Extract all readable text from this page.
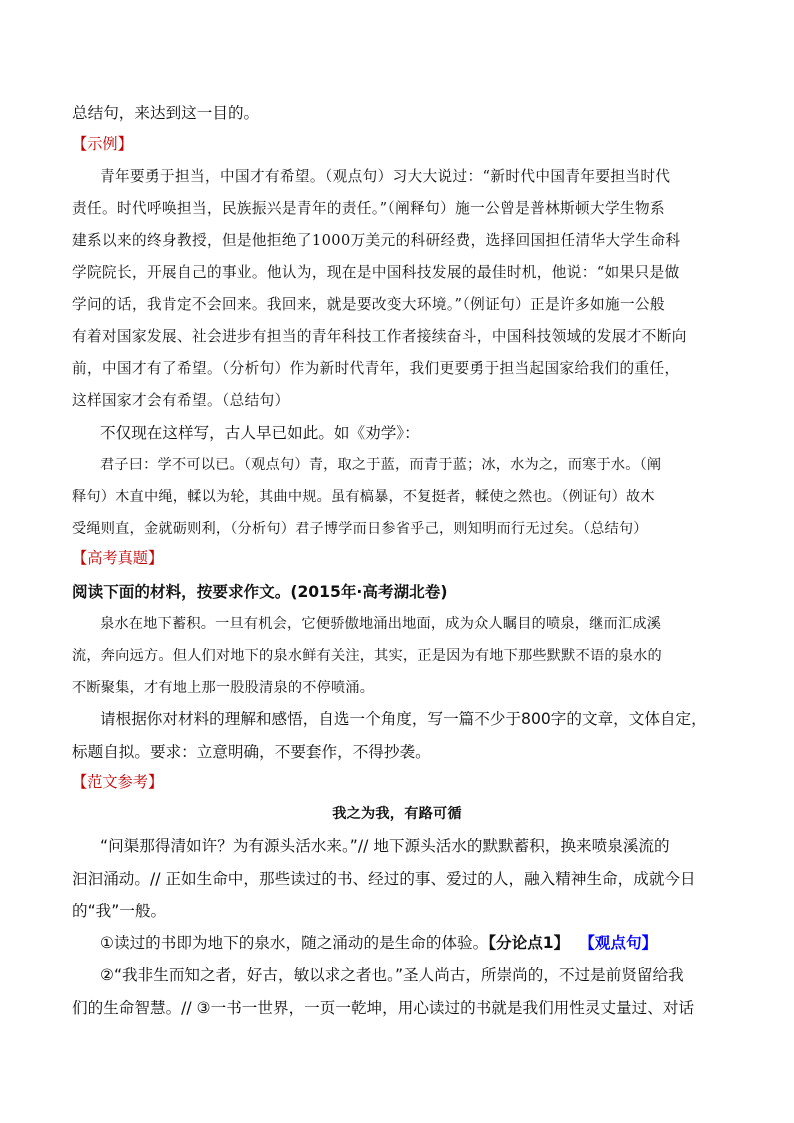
总结句，来达到这一目的。
【示例】
青年要勇于担当，中国才有希望。（观点句）习大大说过：“新时代中国青年要担当时代
责任。时代呼唤担当，民族振兴是青年的责任。”（阐释句）施一公曾是普林斯顿大学生物系
建系以来的终身教授，但是他拒绝了1000万美元的科研经费，选择回国担任清华大学生命科
学院院长，开展自己的事业。他认为，现在是中国科技发展的最佳时机，他说：“如果只是做
学问的话，我肯定不会回来。我回来，就是要改变大环境。”（例证句）正是许多如施一公般
有着对国家发展、社会进步有担当的青年科技工作者接续奋斗，中国科技领域的发展才不断向
前，中国才有了希望。（分析句）作为新时代青年，我们更要勇于担当起国家给我们的重任，
这样国家才会有希望。（总结句）
不仅现在这样写，古人早已如此。如《劝学》：
君子曰：学不可以已。（观点句）青，取之于蓝，而青于蓝；冰，水为之，而寒于水。（阐
释句）木直中绳，輮以为轮，其曲中规。虽有槁暴，不复挺者，輮使之然也。（例证句）故木
受绳则直，金就砺则利，（分析句）君子博学而日参省乎己，则知明而行无过矣。（总结句）
【高考真题】
阅读下面的材料，按要求作文。(2015年·高考湖北卷)
泉水在地下蓄积。一旦有机会，它便骄傲地涌出地面，成为众人瞩目的喷泉，继而汇成溪
流，奔向远方。但人们对地下的泉水鲜有关注，其实，正是因为有地下那些默默不语的泉水的
不断聚集，才有地上那一股股清泉的不停喷涌。
请根据你对材料的理解和感悟，自选一个角度，写一篇不少于800字的文章，文体自定，
标题自拟。要求：立意明确，不要套作，不得抄袭。
【范文参考】
我之为我，有路可循
“问渠那得清如许？为有源头活水来。”// 地下源头活水的默默蓄积，换来喷泉溪流的
汩汩涌动。// 正如生命中，那些读过的书、经过的事、爱过的人，融入精神生命，成就今日
的“我”一般。
①读过的书即为地下的泉水，随之涌动的是生命的体验。【分论点1】 【观点句】
②“我非生而知之者，好古，敏以求之者也。”圣人尚古，所崇尚的，不过是前贤留给我
们的生命智慧。// ③一书一世界，一页一乾坤，用心读过的书就是我们用性灵丈量过、对话
